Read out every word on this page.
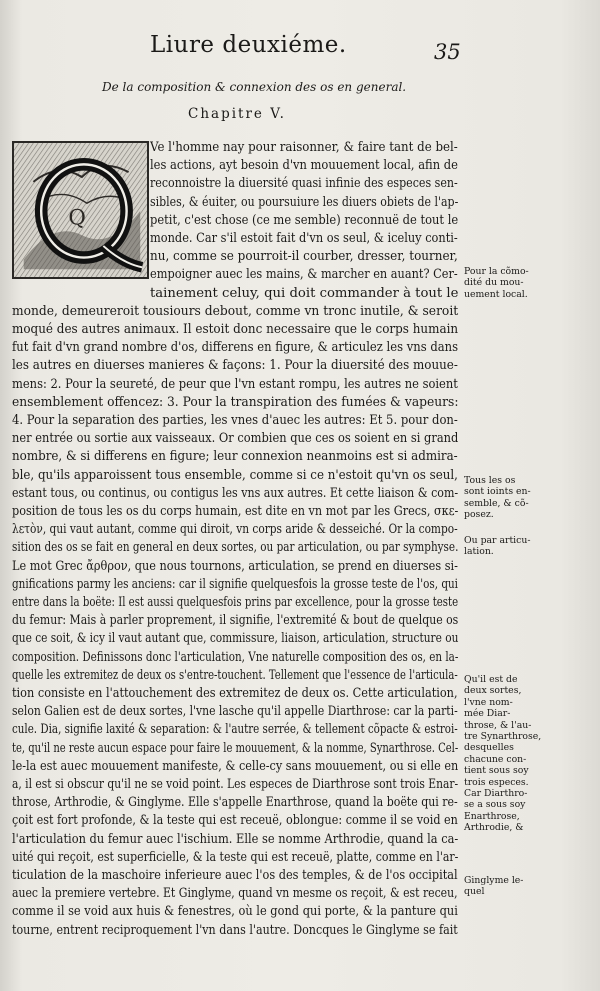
Liure deuxiéme.	35
De la composition & connexion des os en general.
Chapitre V.
Q
Ve l'homme nay pour raisonner, & faire tant de bel-
les actions, ayt besoin d'vn mouuement local, afin de
reconnoistre la diuersité quasi infinie des especes sen-
sibles, & éuiter, ou poursuiure les diuers obiets de l'ap-
petit, c'est chose (ce me semble) reconnuë de tout le
monde. Car s'il estoit fait d'vn os seul, & iceluy conti-
nu, comme se pourroit-il courber, dresser, tourner,
empoigner auec les mains, & marcher en auant? Cer-
tainement celuy, qui doit commander à tout le
monde, demeureroit tousiours debout, comme vn tronc inutile, & seroit
moqué des autres animaux. Il estoit donc necessaire que le corps humain
fut fait d'vn grand nombre d'os, differens en figure, & articulez les vns dans
les autres en diuerses manieres & façons: 1. Pour la diuersité des mouue-
mens: 2. Pour la seureté, de peur que l'vn estant rompu, les autres ne soient
ensemblement offencez: 3. Pour la transpiration des fumées & vapeurs:
4. Pour la separation des parties, les vnes d'auec les autres: Et 5. pour don-
ner entrée ou sortie aux vaisseaux. Or combien que ces os soient en si grand
nombre, & si differens en figure; leur connexion neanmoins est si admira-
ble, qu'ils apparoissent tous ensemble, comme si ce n'estoit qu'vn os seul,
estant tous, ou continus, ou contigus les vns aux autres. Et cette liaison & com-
position de tous les os du corps humain, est dite en vn mot par les Grecs, σκε-
λετὸν, qui vaut autant, comme qui diroit, vn corps aride & desseiché. Or la compo-
sition des os se fait en general en deux sortes, ou par articulation, ou par symphyse.
Le mot Grec ἄρθρον, que nous tournons, articulation, se prend en diuerses si-
gnifications parmy les anciens: car il signifie quelquesfois la grosse teste de l'os, qui
entre dans la boëte: Il est aussi quelquesfois prins par excellence, pour la grosse teste
du femur: Mais à parler proprement, il signifie, l'extremité & bout de quelque os
que ce soit, & icy il vaut autant que, commissure, liaison, articulation, structure ou
composition. Definissons donc l'articulation, Vne naturelle composition des os, en la-
quelle les extremitez de deux os s'entre-touchent. Tellement que l'essence de l'articula-
tion consiste en l'attouchement des extremitez de deux os. Cette articulation,
selon Galien est de deux sortes, l'vne lasche qu'il appelle Diarthrose: car la parti-
cule. Dia, signifie laxité & separation: & l'autre serrée, & tellement cõpacte & estroi-
te, qu'il ne reste aucun espace pour faire le mouuement, & la nomme, Synarthrose. Cel-
le-la est auec mouuement manifeste, & celle-cy sans mouuement, ou si elle en
a, il est si obscur qu'il ne se void point. Les especes de Diarthrose sont trois Enar-
throse, Arthrodie, & Ginglyme. Elle s'appelle Enarthrose, quand la boëte qui re-
çoit est fort profonde, & la teste qui est receuë, oblongue: comme il se void en
l'articulation du femur auec l'ischium. Elle se nomme Arthrodie, quand la ca-
uité qui reçoit, est superficielle, & la teste qui est receuë, platte, comme en l'ar-
ticulation de la maschoire inferieure auec l'os des temples, & de l'os occipital
auec la premiere vertebre. Et Ginglyme, quand vn mesme os reçoit, & est receu,
comme il se void aux huis & fenestres, où le gond qui porte, & la panture qui
tourne, entrent reciproquement l'vn dans l'autre. Doncques le Ginglyme se fait
Pour la cõmo-
dité du mou-
uement local.
Tous les os
sont ioints en-
semble, & cõ-
posez.
Ou par articu-
lation.
Qu'il est de
deux sortes,
l'vne nom-
mée Diar-
throse, & l'au-
tre Synarthrose,
desquelles
chacune con-
tient sous soy
trois especes.
Car Diarthro-
se a sous soy
Enarthrose,
Arthrodie, &
Ginglyme le-
quel
